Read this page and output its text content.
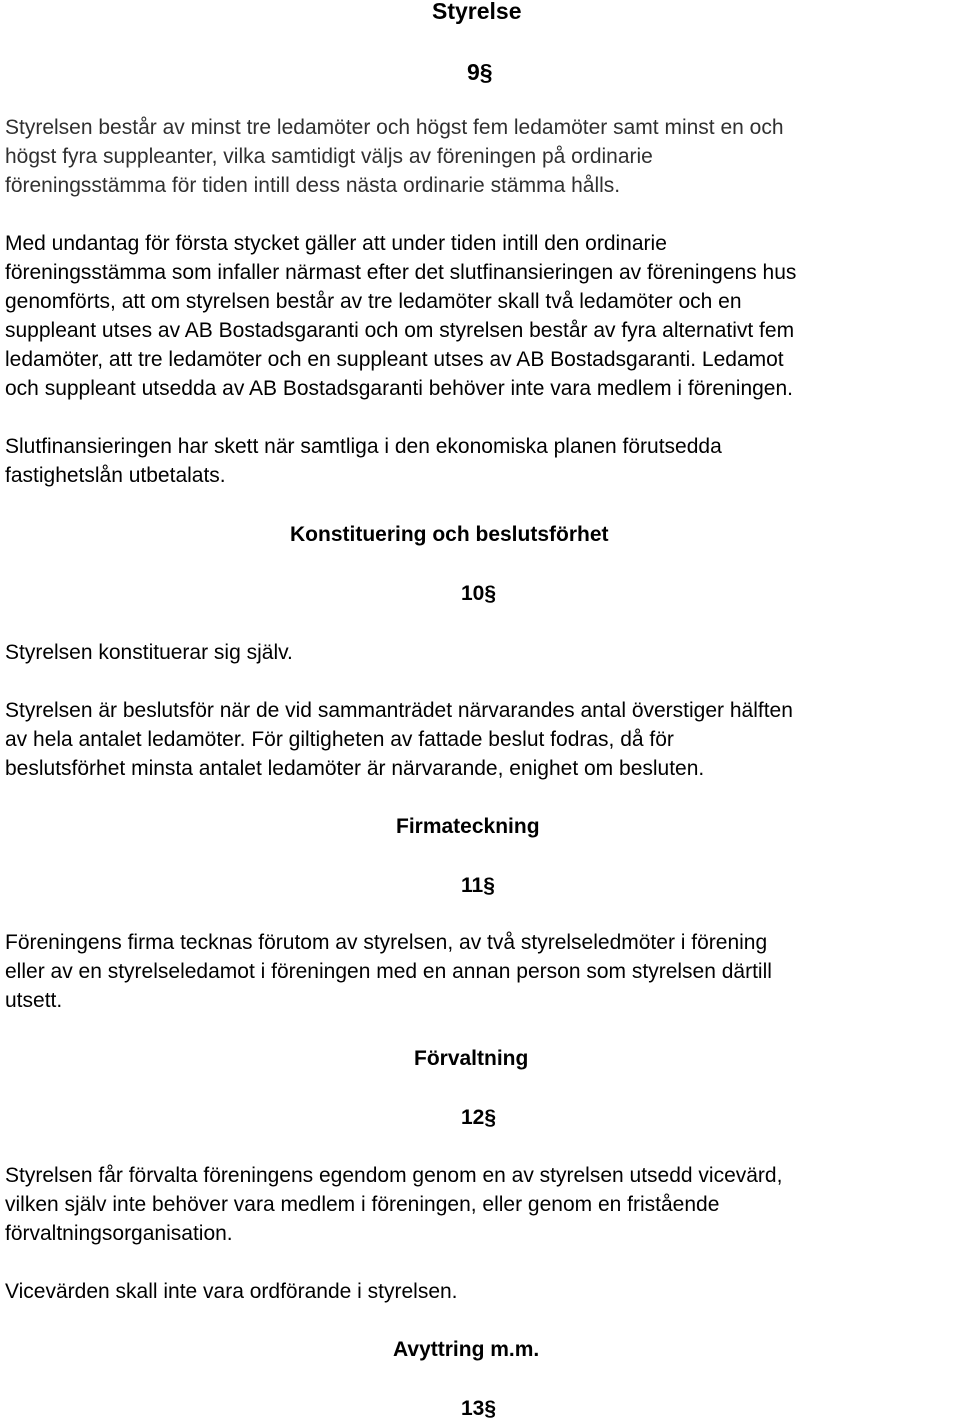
Styrelse
9§
Styrelsen består av minst tre ledamöter och högst fem ledamöter samt minst en och
högst fyra suppleanter, vilka samtidigt väljs av föreningen på ordinarie
föreningsstämma för tiden intill dess nästa ordinarie stämma hålls.
Med undantag för första stycket gäller att under tiden intill den ordinarie
föreningsstämma som infaller närmast efter det slutfinansieringen av föreningens hus
genomförts, att om styrelsen består av tre ledamöter skall två ledamöter och en
suppleant utses av AB Bostadsgaranti och om styrelsen består av fyra alternativt fem
ledamöter, att tre ledamöter och en suppleant utses av AB Bostadsgaranti. Ledamot
och suppleant utsedda av AB Bostadsgaranti behöver inte vara medlem i föreningen.
Slutfinansieringen har skett när samtliga i den ekonomiska planen förutsedda
fastighetslån utbetalats.
Konstituering och beslutsförhet
10§
Styrelsen konstituerar sig själv.
Styrelsen är beslutsför när de vid sammanträdet närvarandes antal överstiger hälften
av hela antalet ledamöter. För giltigheten av fattade beslut fodras, då för
beslutsförhet minsta antalet ledamöter är närvarande, enighet om besluten.
Firmateckning
11§
Föreningens firma tecknas förutom av styrelsen, av två styrelseledmöter i förening
eller av en styrelseledamot i föreningen med en annan person som styrelsen därtill
utsett.
Förvaltning
12§
Styrelsen får förvalta föreningens egendom genom en av styrelsen utsedd vicevärd,
vilken själv inte behöver vara medlem i föreningen, eller genom en fristående
förvaltningsorganisation.
Vicevärden skall inte vara ordförande i styrelsen.
Avyttring m.m.
13§
